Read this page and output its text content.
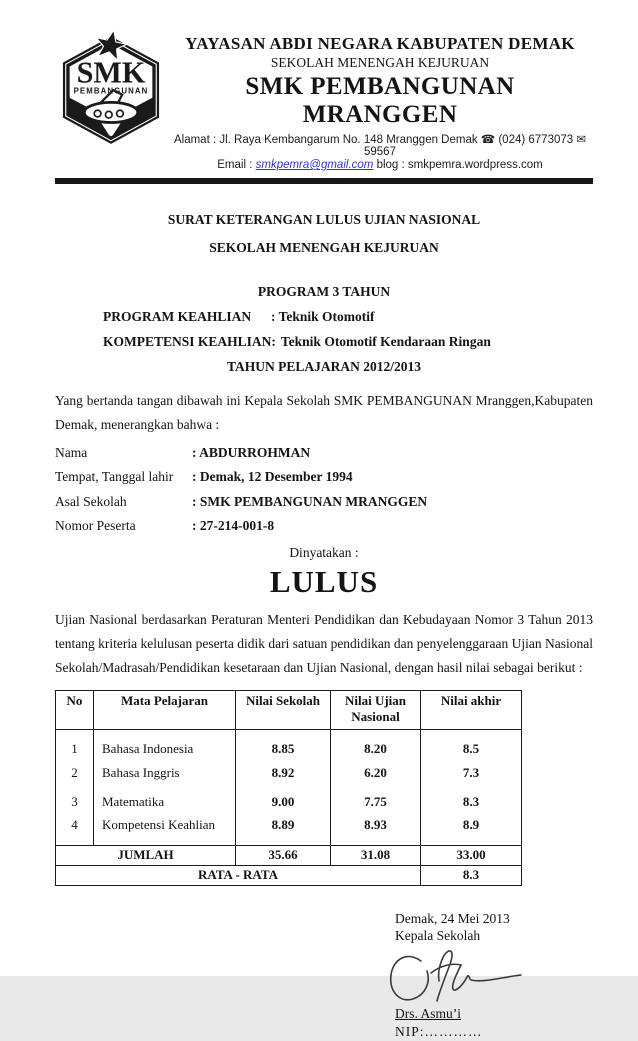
SMK
PEMBANGUNAN
YAYASAN ABDI NEGARA KABUPATEN DEMAK
SEKOLAH MENENGAH KEJURUAN
SMK PEMBANGUNAN MRANGGEN
Alamat : Jl. Raya Kembangarum No. 148 Mranggen Demak ☎ (024) 6773073 ✉ 59567
Email : smkpemra@gmail.com blog : smkpemra.wordpress.com
SURAT KETERANGAN LULUS UJIAN NASIONAL
SEKOLAH MENENGAH KEJURUAN
PROGRAM 3 TAHUN
PROGRAM KEAHLIAN	: Teknik Otomotif
KOMPETENSI KEAHLIAN: Teknik Otomotif Kendaraan Ringan
TAHUN PELAJARAN 2012/2013
Yang bertanda tangan dibawah ini Kepala Sekolah SMK PEMBANGUNAN Mranggen,Kabupaten Demak, menerangkan bahwa :
Nama	: ABDURROHMAN
Tempat, Tanggal lahir	: Demak, 12 Desember 1994
Asal Sekolah	: SMK PEMBANGUNAN MRANGGEN
Nomor Peserta	: 27-214-001-8
Dinyatakan :
LULUS
Ujian Nasional berdasarkan Peraturan Menteri Pendidikan dan Kebudayaan Nomor 3 Tahun 2013 tentang kriteria kelulusan peserta didik dari satuan pendidikan dan penyelenggaraan Ujian Nasional Sekolah/Madrasah/Pendidikan kesetaraan dan Ujian Nasional, dengan hasil nilai sebagai berikut :
No	Mata Pelajaran	Nilai Sekolah	Nilai Ujian Nasional	Nilai akhir
1	Bahasa Indonesia	8.85	8.20	8.5
2	Bahasa Inggris	8.92	6.20	7.3
3	Matematika	9.00	7.75	8.3
4	Kompetensi Keahlian	8.89	8.93	8.9
JUMLAH		35.66	31.08	33.00
RATA - RATA				8.3
Demak, 24 Mei 2013
Kepala Sekolah
Drs. Asmu’i
NIP:…………
